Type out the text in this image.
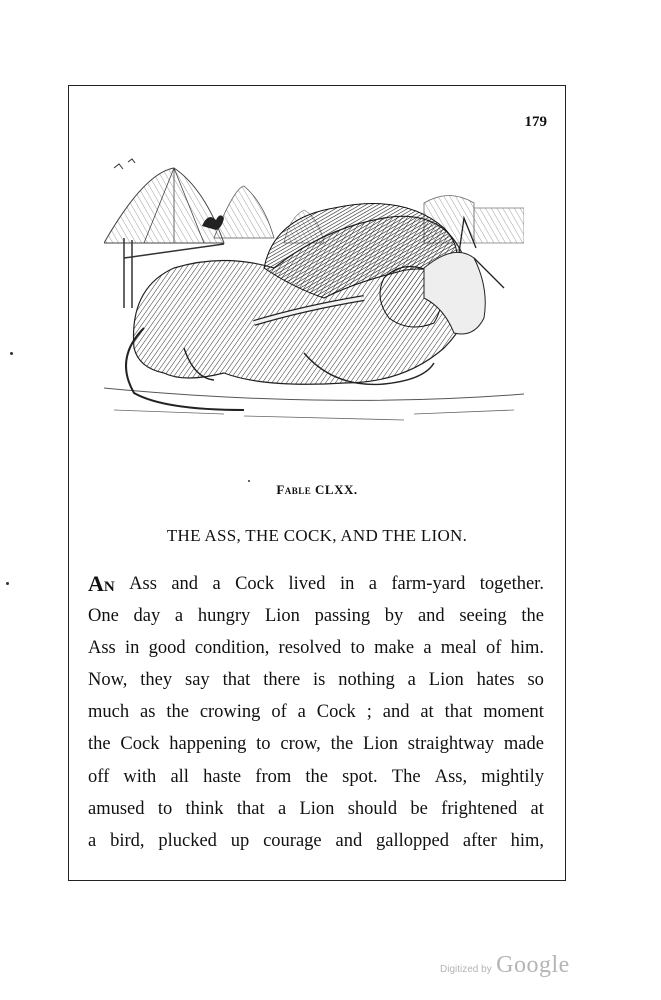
179
Fable CLXX.
THE ASS, THE COCK, AND THE LION.
An Ass and a Cock lived in a farm-yard together.
One day a hungry Lion passing by and seeing the
Ass in good condition, resolved to make a meal of him.
Now, they say that there is nothing a Lion hates so
much as the crowing of a Cock ; and at that moment
the Cock happening to crow, the Lion straightway made
off with all haste from the spot. The Ass, mightily
amused to think that a Lion should be frightened at
a bird, plucked up courage and gallopped after him,
Digitized by Google
